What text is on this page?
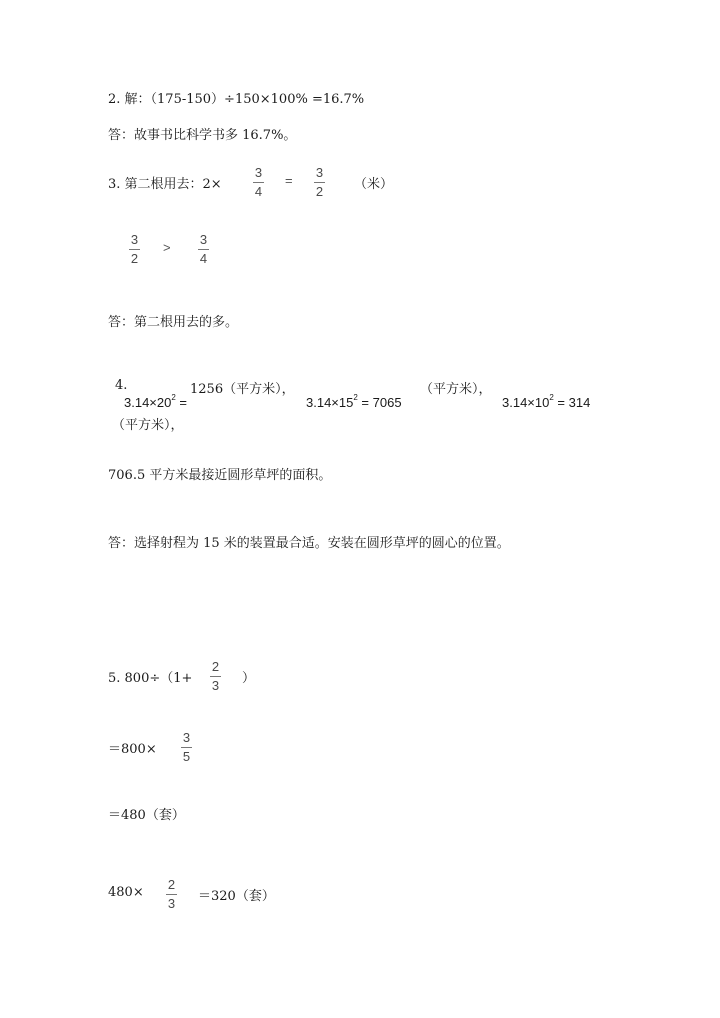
2. 解：（175-150）÷150×100% =16.7%
答：故事书比科学书多 16.7%。
3. 第二根用去：2×
3
4
=
3
2 （米）
3
2
>
3
4
答：第二根用去的多。
4.	1256（平方米），	（平方米），
$3.14\times 20^2$ =	$3.14\times 15^2 = 7065$	$3.14\times 10^2 = 314$
（平方米），
706.5 平方米最接近圆形草坪的面积。
答：选择射程为 15 米的装置最合适。安装在圆形草坪的圆心的位置。
5. 800÷（1+
2
3 ）
＝800×
3
5
＝480（套）
480×
2
3 ＝320（套）
